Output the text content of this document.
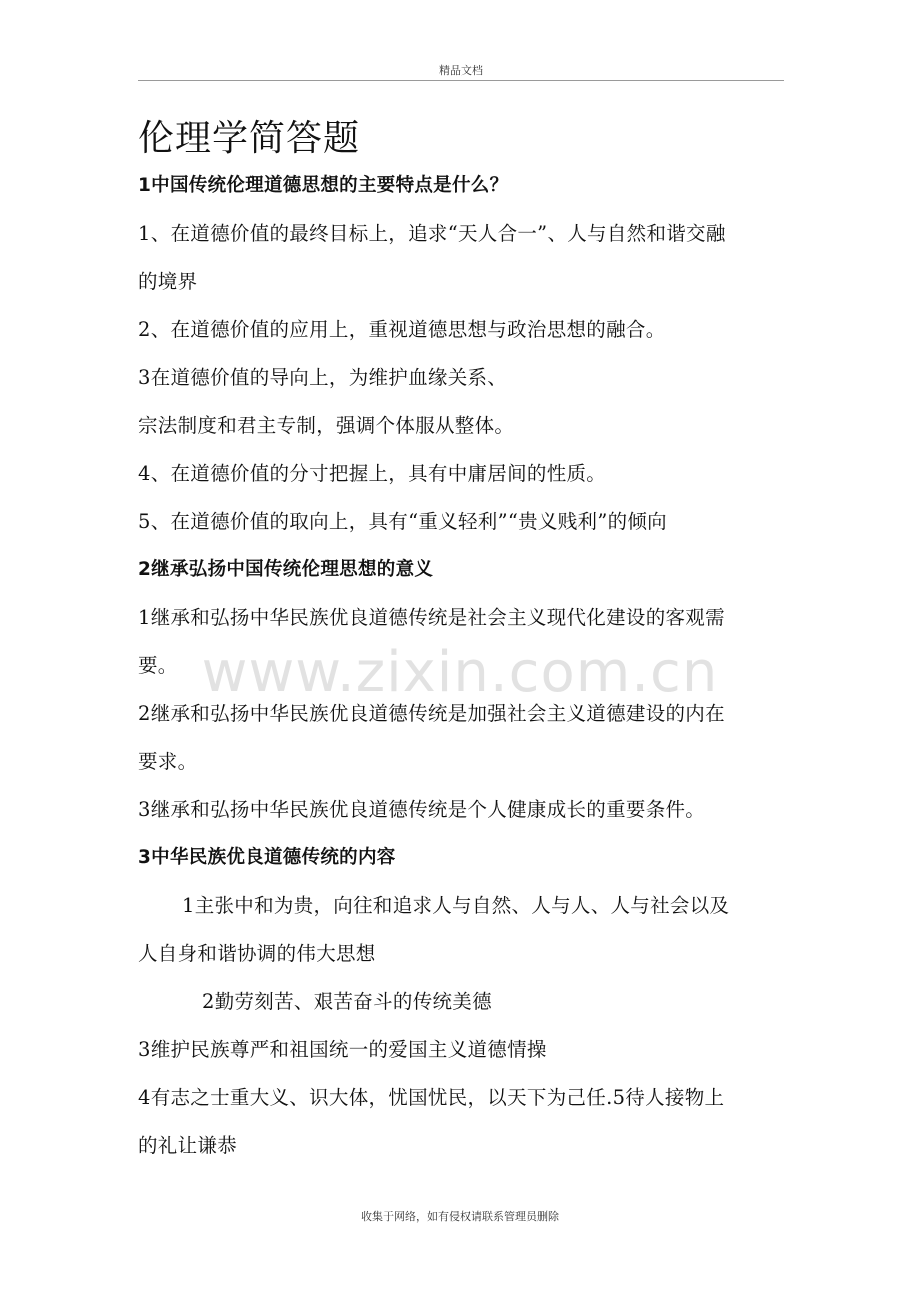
精品文档
伦理学简答题
1中国传统伦理道德思想的主要特点是什么？
1、在道德价值的最终目标上，追求“天人合一”、人与自然和谐交融
的境界
2、在道德价值的应用上，重视道德思想与政治思想的融合。
3在道德价值的导向上，为维护血缘关系、
宗法制度和君主专制，强调个体服从整体。
4、在道德价值的分寸把握上，具有中庸居间的性质。
5、在道德价值的取向上，具有“重义轻利”“贵义贱利”的倾向
2继承弘扬中国传统伦理思想的意义
1继承和弘扬中华民族优良道德传统是社会主义现代化建设的客观需
要。
2继承和弘扬中华民族优良道德传统是加强社会主义道德建设的内在
要求。
3继承和弘扬中华民族优良道德传统是个人健康成长的重要条件。
3中华民族优良道德传统的内容
1主张中和为贵，向往和追求人与自然、人与人、人与社会以及
人自身和谐协调的伟大思想
2勤劳刻苦、艰苦奋斗的传统美德
3维护民族尊严和祖国统一的爱国主义道德情操
4有志之士重大义、识大体，忧国忧民，以天下为己任.5待人接物上
的礼让谦恭
www.zixin.com.cn
收集于网络，如有侵权请联系管理员删除
